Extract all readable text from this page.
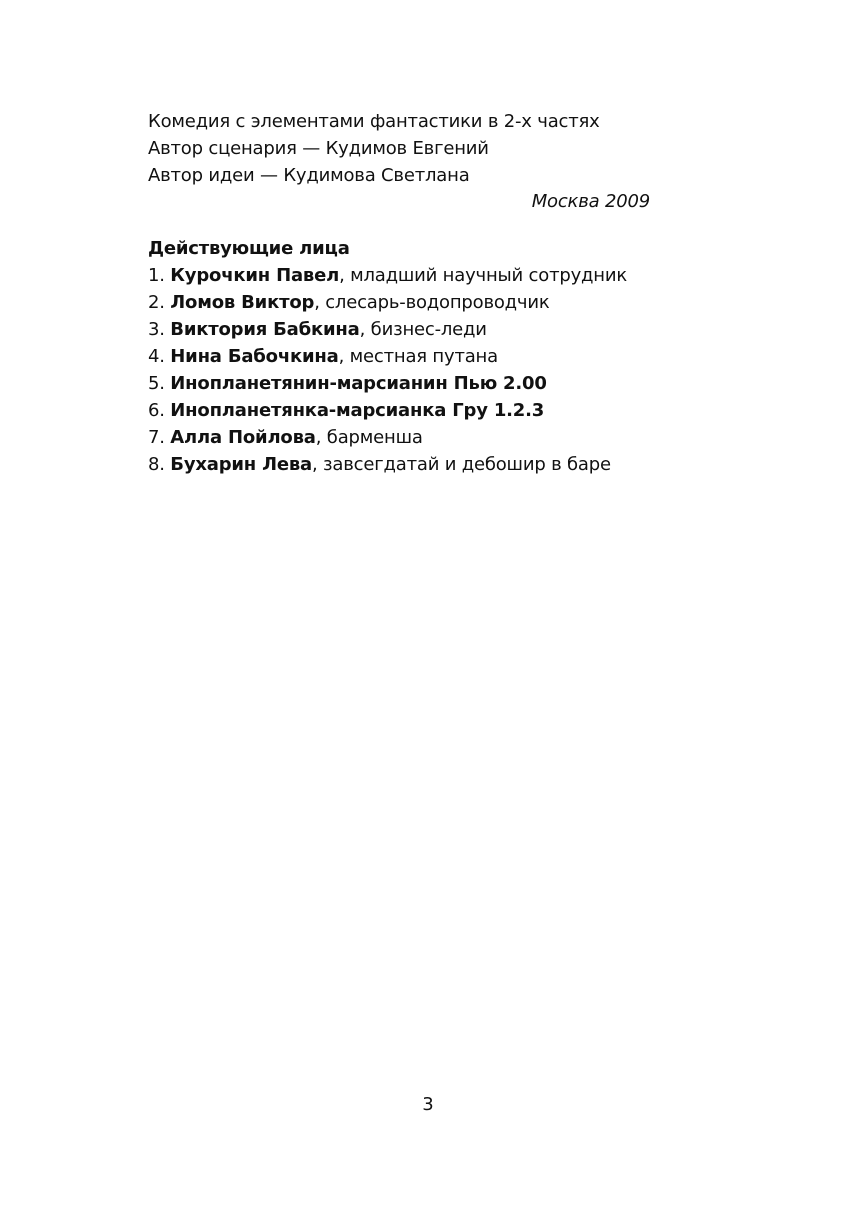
Комедия с элементами фантастики в 2-х частях
Автор сценария — Кудимов Евгений
Автор идеи — Кудимова Светлана
Москва 2009
Действующие лица
1. Курочкин Павел, младший научный сотрудник
2. Ломов Виктор, слесарь-водопроводчик
3. Виктория Бабкина, бизнес-леди
4. Нина Бабочкина, местная путана
5. Инопланетянин-марсианин Пью 2.00
6. Инопланетянка-марсианка Гру 1.2.3
7. Алла Пойлова, барменша
8. Бухарин Лева, завсегдатай и дебошир в баре
3
